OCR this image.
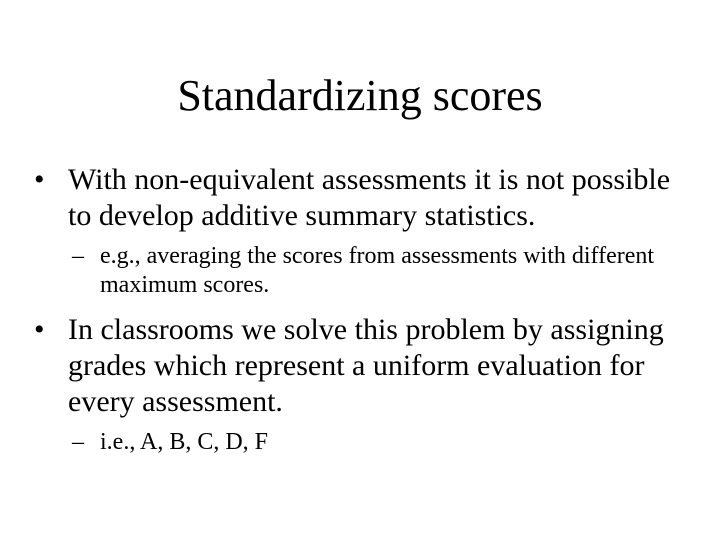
Standardizing scores
• With non-equivalent assessments it is not possible to develop additive summary statistics.
– e.g., averaging the scores from assessments with different maximum scores.
• In classrooms we solve this problem by assigning grades which represent a uniform evaluation for every assessment.
– i.e., A, B, C, D, F
